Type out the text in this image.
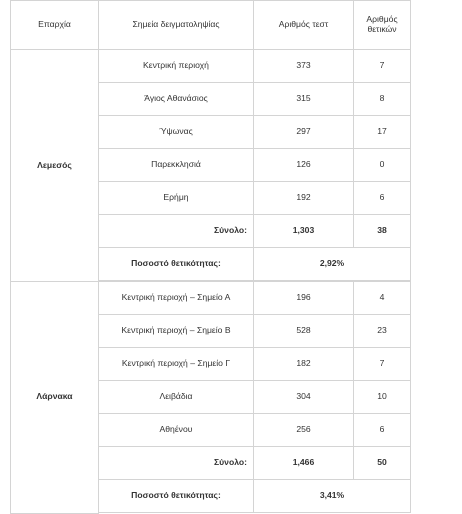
Επαρχία	Σημεία δειγματοληψίας	Αριθμός τεστ	Αριθμός θετικών
Λεμεσός	Κεντρική περιοχή	373	7
	Άγιος Αθανάσιος	315	8
	Ύψωνας	297	17
	Παρεκκλησιά	126	0
	Ερήμη	192	6
	Σύνολο:	1,303	38
	Ποσοστό θετικότητας:	2,92%	

Λάρνακα	Κεντρική περιοχή – Σημείο Α	196	4
	Κεντρική περιοχή – Σημείο Β	528	23
	Κεντρική περιοχή – Σημείο Γ	182	7
	Λειβάδια	304	10
	Αθηένου	256	6
	Σύνολο:	1,466	50
	Ποσοστό θετικότητας:	3,41%	
